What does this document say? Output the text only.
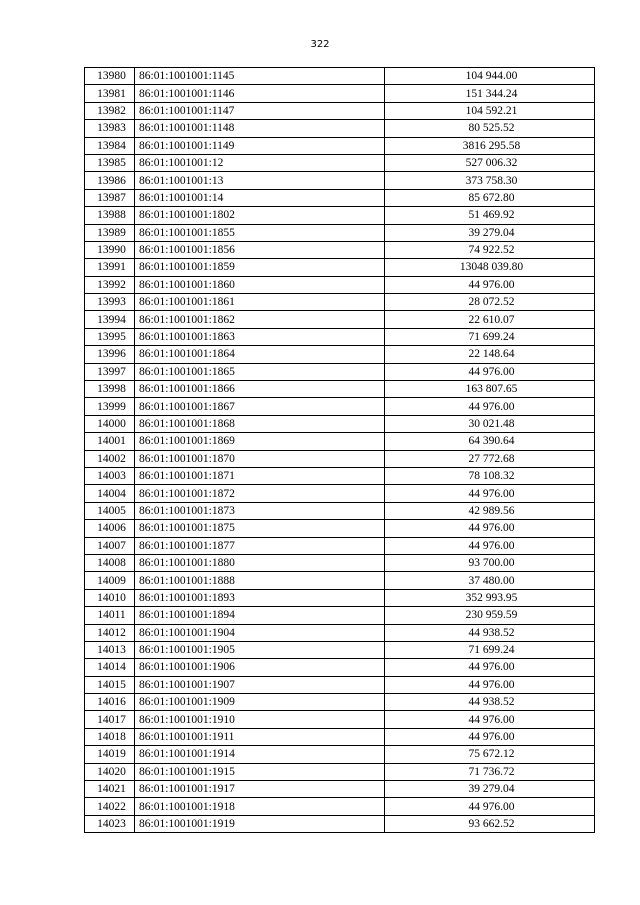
322
13980	86:01:1001001:1145	104 944.00
13981	86:01:1001001:1146	151 344.24
13982	86:01:1001001:1147	104 592.21
13983	86:01:1001001:1148	80 525.52
13984	86:01:1001001:1149	3816 295.58
13985	86:01:1001001:12	527 006.32
13986	86:01:1001001:13	373 758.30
13987	86:01:1001001:14	85 672.80
13988	86:01:1001001:1802	51 469.92
13989	86:01:1001001:1855	39 279.04
13990	86:01:1001001:1856	74 922.52
13991	86:01:1001001:1859	13048 039.80
13992	86:01:1001001:1860	44 976.00
13993	86:01:1001001:1861	28 072.52
13994	86:01:1001001:1862	22 610.07
13995	86:01:1001001:1863	71 699.24
13996	86:01:1001001:1864	22 148.64
13997	86:01:1001001:1865	44 976.00
13998	86:01:1001001:1866	163 807.65
13999	86:01:1001001:1867	44 976.00
14000	86:01:1001001:1868	30 021.48
14001	86:01:1001001:1869	64 390.64
14002	86:01:1001001:1870	27 772.68
14003	86:01:1001001:1871	78 108.32
14004	86:01:1001001:1872	44 976.00
14005	86:01:1001001:1873	42 989.56
14006	86:01:1001001:1875	44 976.00
14007	86:01:1001001:1877	44 976.00
14008	86:01:1001001:1880	93 700.00
14009	86:01:1001001:1888	37 480.00
14010	86:01:1001001:1893	352 993.95
14011	86:01:1001001:1894	230 959.59
14012	86:01:1001001:1904	44 938.52
14013	86:01:1001001:1905	71 699.24
14014	86:01:1001001:1906	44 976.00
14015	86:01:1001001:1907	44 976.00
14016	86:01:1001001:1909	44 938.52
14017	86:01:1001001:1910	44 976.00
14018	86:01:1001001:1911	44 976.00
14019	86:01:1001001:1914	75 672.12
14020	86:01:1001001:1915	71 736.72
14021	86:01:1001001:1917	39 279.04
14022	86:01:1001001:1918	44 976.00
14023	86:01:1001001:1919	93 662.52
